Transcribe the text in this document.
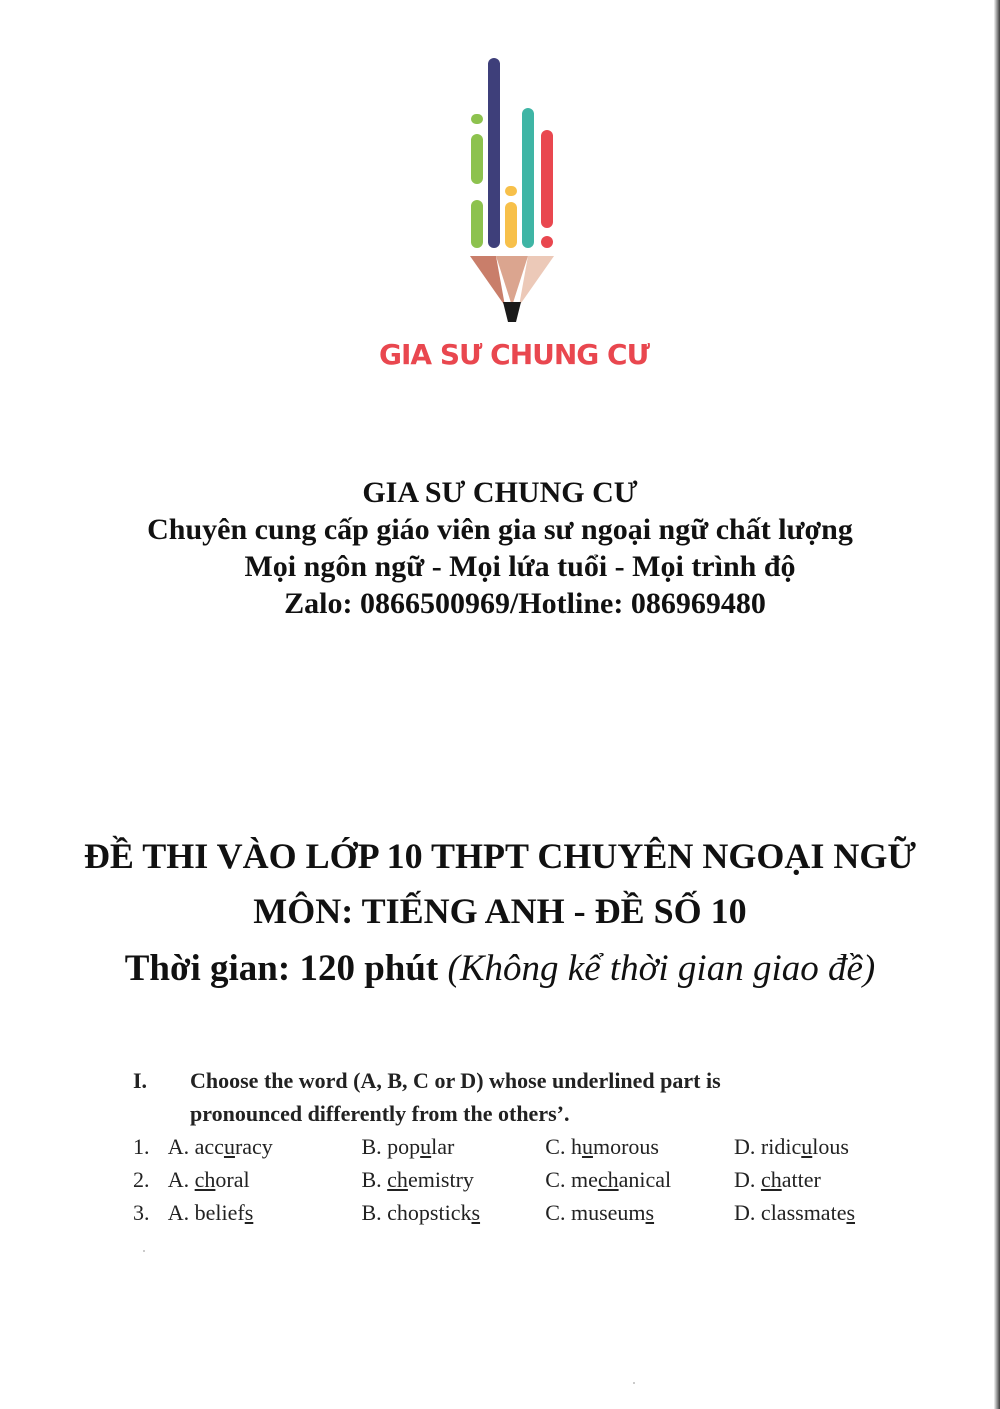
GIA SƯ CHUNG CƯ
GIA SƯ CHUNG CƯ
Chuyên cung cấp giáo viên gia sư ngoại ngữ chất lượng
Mọi ngôn ngữ - Mọi lứa tuổi - Mọi trình độ
Zalo: 0866500969/Hotline: 086969480
ĐỀ THI VÀO LỚP 10 THPT CHUYÊN NGOẠI NGỮ
MÔN: TIẾNG ANH - ĐỀ SỐ 10
Thời gian: 120 phút (Không kể thời gian giao đề)
I.	Choose the word (A, B, C or D) whose underlined part is
pronounced differently from the others’.
1. A. accuracy	B. popular	C. humorous	D. ridiculous
2. A. choral	B. chemistry	C. mechanical	D. chatter
3. A. beliefs	B. chopsticks	C. museums	D. classmates
